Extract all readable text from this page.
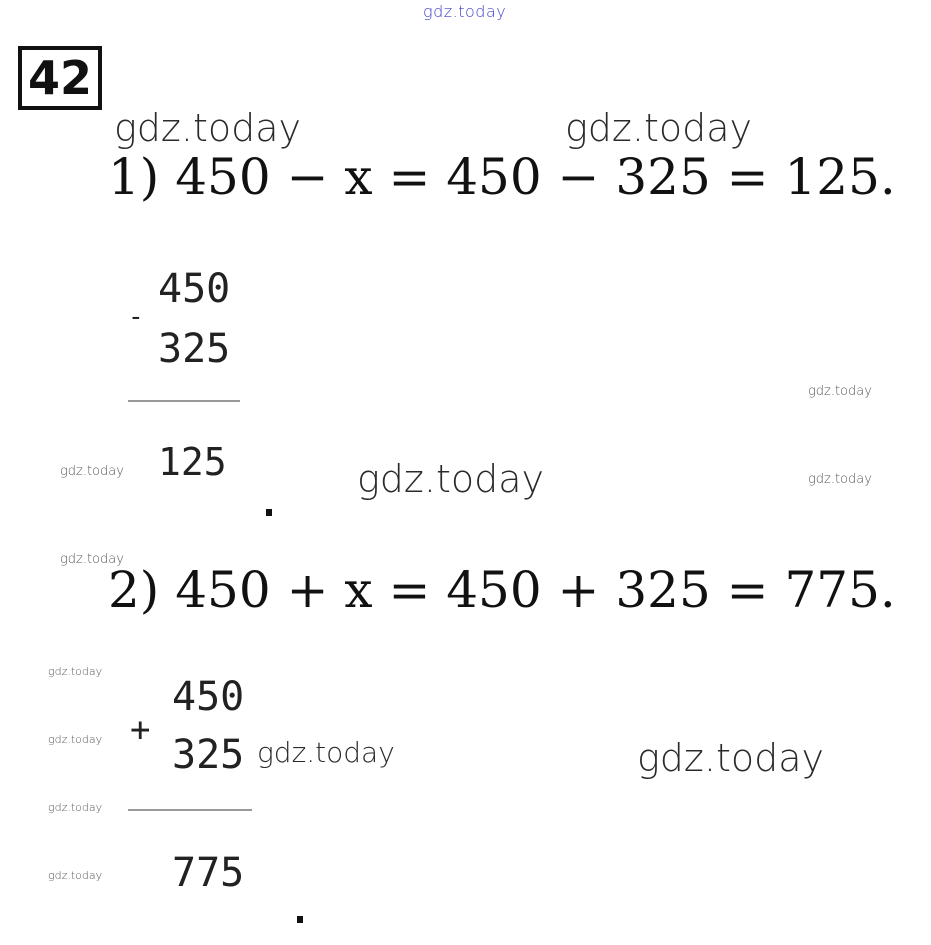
gdz.today
42
gdz.today	gdz.today
1) 450 − x = 450 − 325 = 125.
450
-
325
125
gdz.today
gdz.today	gdz.today	gdz.today
gdz.today
2) 450 + x = 450 + 325 = 775.
450
+
325
775
gdz.today
gdz.today
gdz.today
gdz.today
gdz.today	gdz.today
